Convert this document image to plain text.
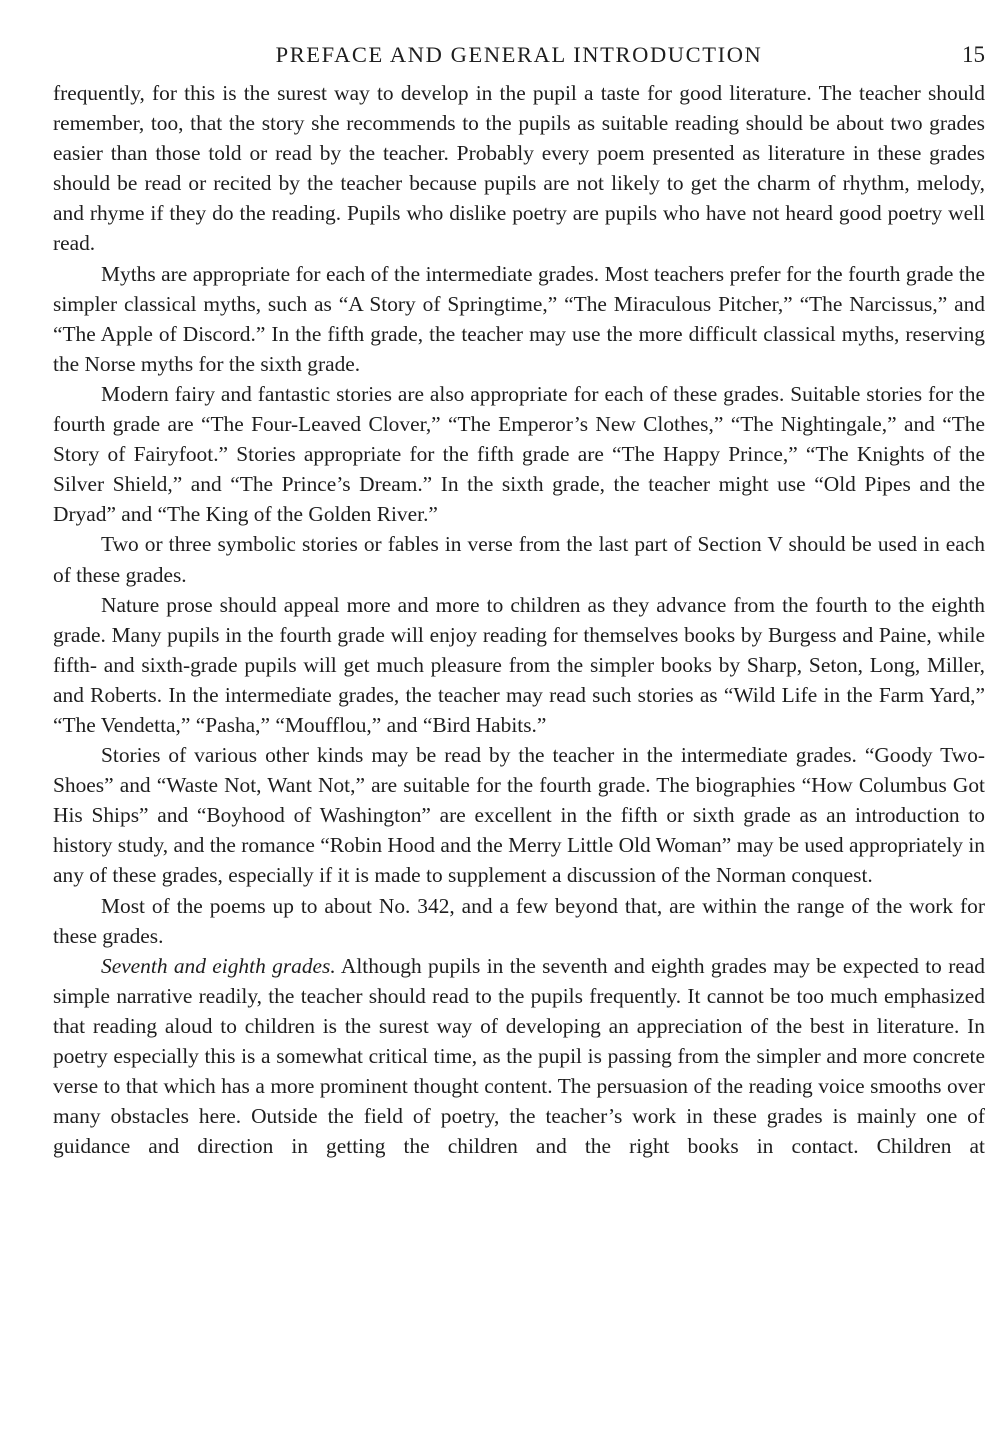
PREFACE AND GENERAL INTRODUCTION	15

frequently, for this is the surest way to develop in the pupil a taste for good literature. The teacher should remember, too, that the story she recommends to the pupils as suitable reading should be about two grades easier than those told or read by the teacher. Probably every poem presented as literature in these grades should be read or recited by the teacher because pupils are not likely to get the charm of rhythm, melody, and rhyme if they do the reading. Pupils who dislike poetry are pupils who have not heard good poetry well read.

Myths are appropriate for each of the intermediate grades. Most teachers prefer for the fourth grade the simpler classical myths, such as “A Story of Springtime,” “The Miraculous Pitcher,” “The Narcissus,” and “The Apple of Discord.” In the fifth grade, the teacher may use the more difficult classical myths, reserving the Norse myths for the sixth grade.

Modern fairy and fantastic stories are also appropriate for each of these grades. Suitable stories for the fourth grade are “The Four-Leaved Clover,” “The Emperor’s New Clothes,” “The Nightingale,” and “The Story of Fairyfoot.” Stories appropriate for the fifth grade are “The Happy Prince,” “The Knights of the Silver Shield,” and “The Prince’s Dream.” In the sixth grade, the teacher might use “Old Pipes and the Dryad” and “The King of the Golden River.”

Two or three symbolic stories or fables in verse from the last part of Section V should be used in each of these grades.

Nature prose should appeal more and more to children as they advance from the fourth to the eighth grade. Many pupils in the fourth grade will enjoy reading for themselves books by Burgess and Paine, while fifth- and sixth-grade pupils will get much pleasure from the simpler books by Sharp, Seton, Long, Miller, and Roberts. In the intermediate grades, the teacher may read such stories as “Wild Life in the Farm Yard,” “The Vendetta,” “Pasha,” “Moufflou,” and “Bird Habits.”

Stories of various other kinds may be read by the teacher in the intermediate grades. “Goody Two-Shoes” and “Waste Not, Want Not,” are suitable for the fourth grade. The biographies “How Columbus Got His Ships” and “Boyhood of Washington” are excellent in the fifth or sixth grade as an introduction to history study, and the romance “Robin Hood and the Merry Little Old Woman” may be used appropriately in any of these grades, especially if it is made to supplement a discussion of the Norman conquest.

Most of the poems up to about No. 342, and a few beyond that, are within the range of the work for these grades.

Seventh and eighth grades. Although pupils in the seventh and eighth grades may be expected to read simple narrative readily, the teacher should read to the pupils frequently. It cannot be too much emphasized that reading aloud to children is the surest way of developing an appreciation of the best in literature. In poetry especially this is a somewhat critical time, as the pupil is passing from the simpler and more concrete verse to that which has a more prominent thought content. The persuasion of the reading voice smooths over many obstacles here. Outside the field of poetry, the teacher’s work in these grades is mainly one of guidance and direction in getting the children and the right books in contact. Children at
